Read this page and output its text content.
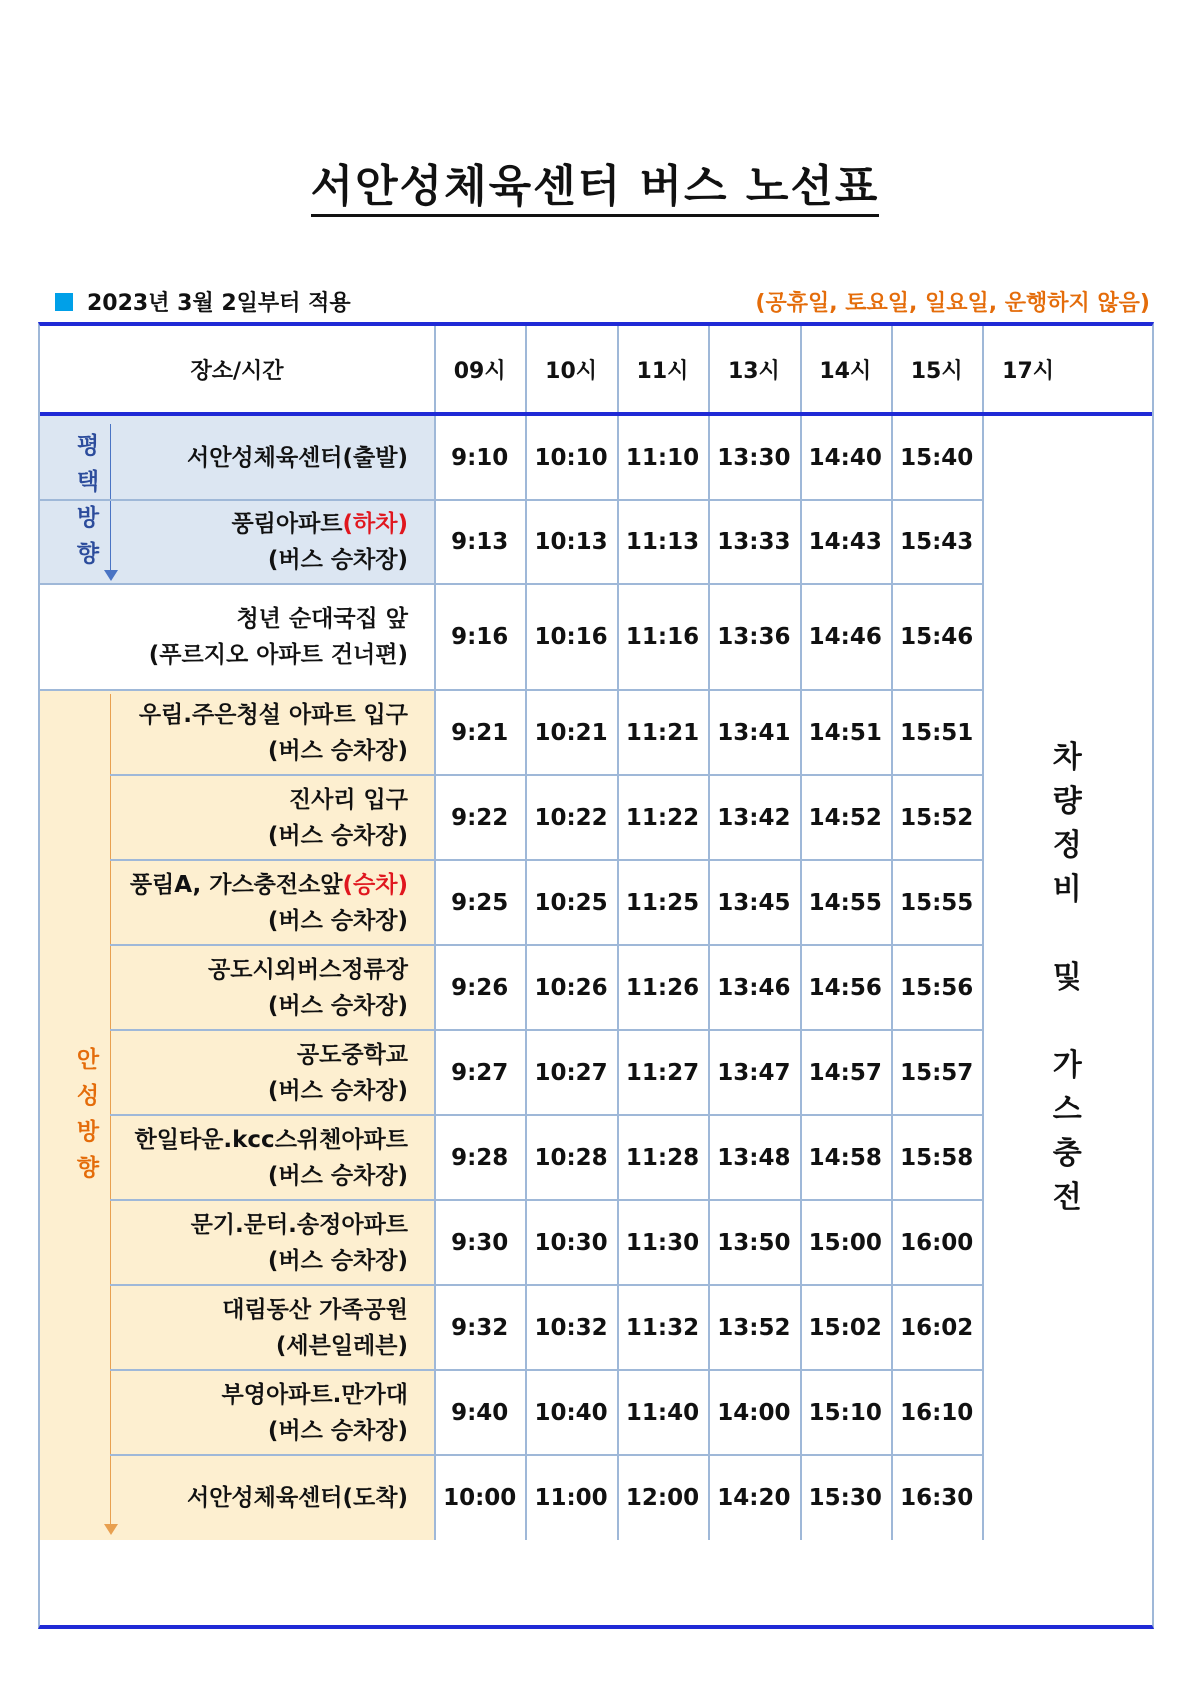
서안성체육센터 버스 노선표
2023년 3월 2일부터 적용	(공휴일, 토요일, 일요일, 운행하지 않음)
장소/시간	09시	10시	11시	13시	14시	15시	17시
평
택
방
향
안
성
방
향
서안성체육센터(출발)	9:10	10:10 11:10 13:30 14:40 15:40
풍림아파트(하차)
(버스 승차장)
9:13	10:13 11:13 13:33 14:43 15:43
청년 순대국집 앞
(푸르지오 아파트 건너편)
9:16	10:16 11:16 13:36 14:46 15:46
우림.주은청설 아파트 입구
(버스 승차장)
9:21	10:21 11:21 13:41 14:51 15:51
진사리 입구
(버스 승차장)
9:22	10:22 11:22 13:42 14:52 15:52
풍림A, 가스충전소앞(승차)
(버스 승차장)
9:25	10:25 11:25 13:45 14:55 15:55
공도시외버스정류장
(버스 승차장)
9:26	10:26 11:26 13:46 14:56 15:56
공도중학교
(버스 승차장)
9:27	10:27 11:27 13:47 14:57 15:57
한일타운.kcc스위첸아파트
(버스 승차장)
9:28	10:28 11:28 13:48 14:58 15:58
문기.문터.송정아파트
(버스 승차장)
9:30	10:30 11:30 13:50 15:00 16:00
대림동산 가족공원
(세븐일레븐)
9:32	10:32 11:32 13:52 15:02 16:02
부영아파트.만가대
(버스 승차장)
9:40	10:40 11:40 14:00 15:10 16:10
서안성체육센터(도착)	10:00 11:00 12:00 14:20 15:30 16:30
차
량
정
비
및
가
스
충
전
